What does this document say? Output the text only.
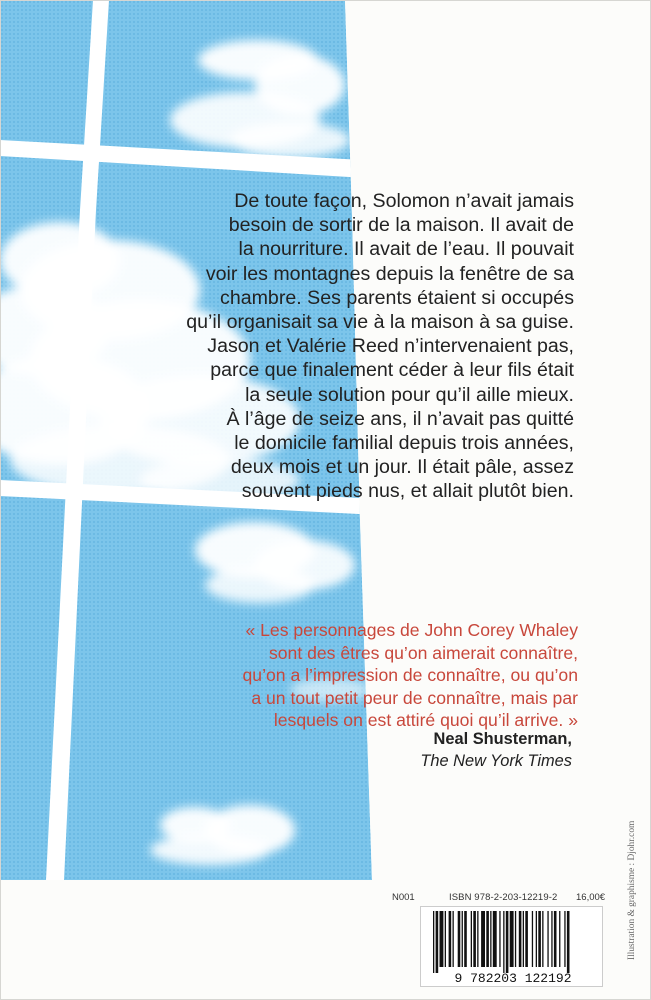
De toute façon, Solomon n’avait jamais
besoin de sortir de la maison. Il avait de
la nourriture. Il avait de l’eau. Il pouvait
voir les montagnes depuis la fenêtre de sa
chambre. Ses parents étaient si occupés
qu’il organisait sa vie à la maison à sa guise.
Jason et Valérie Reed n’intervenaient pas,
parce que finalement céder à leur fils était
la seule solution pour qu’il aille mieux.
À l’âge de seize ans, il n’avait pas quitté
le domicile familial depuis trois années,
deux mois et un jour. Il était pâle, assez
souvent pieds nus, et allait plutôt bien.
« Les personnages de John Corey Whaley
sont des êtres qu’on aimerait connaître,
qu’on a l’impression de connaître, ou qu’on
a un tout petit peur de connaître, mais par
lesquels on est attiré quoi qu’il arrive. »
Neal Shusterman,
The New York Times
N001	ISBN 978-2-203-12219-2 16,00€
9 782203 122192
Illustration & graphisme : Djohr.com
